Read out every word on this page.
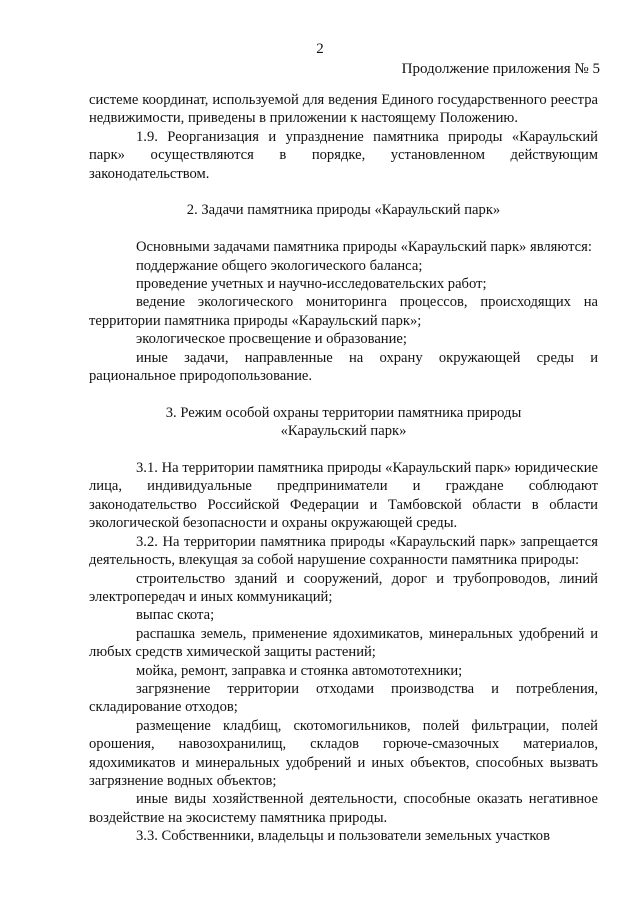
2
Продолжение приложения № 5

системе координат, используемой для ведения Единого государственного реестра недвижимости, приведены в приложении к настоящему Положению.

1.9. Реорганизация и упразднение памятника природы «Караульский парк» осуществляются в порядке, установленном действующим законодательством.

2. Задачи памятника природы «Караульский парк»

Основными задачами памятника природы «Караульский парк» являются:

поддержание общего экологического баланса;

проведение учетных и научно-исследовательских работ;

ведение экологического мониторинга процессов, происходящих на территории памятника природы «Караульский парк»;

экологическое просвещение и образование;

иные задачи, направленные на охрану окружающей среды и рациональное природопользование.

3. Режим особой охраны территории памятника природы
«Караульский парк»

3.1. На территории памятника природы «Караульский парк» юридические лица, индивидуальные предприниматели и граждане соблюдают законодательство Российской Федерации и Тамбовской области в области экологической безопасности и охраны окружающей среды.

3.2. На территории памятника природы «Караульский парк» запрещается деятельность, влекущая за собой нарушение сохранности памятника природы:

строительство зданий и сооружений, дорог и трубопроводов, линий электропередач и иных коммуникаций;

выпас скота;

распашка земель, применение ядохимикатов, минеральных удобрений и любых средств химической защиты растений;

мойка, ремонт, заправка и стоянка автомототехники;

загрязнение территории отходами производства и потребления, складирование отходов;

размещение кладбищ, скотомогильников, полей фильтрации, полей орошения, навозохранилищ, складов горюче-смазочных материалов, ядохимикатов и минеральных удобрений и иных объектов, способных вызвать загрязнение водных объектов;

иные виды хозяйственной деятельности, способные оказать негативное воздействие на экосистему памятника природы.

3.3. Собственники, владельцы и пользователи земельных участков
